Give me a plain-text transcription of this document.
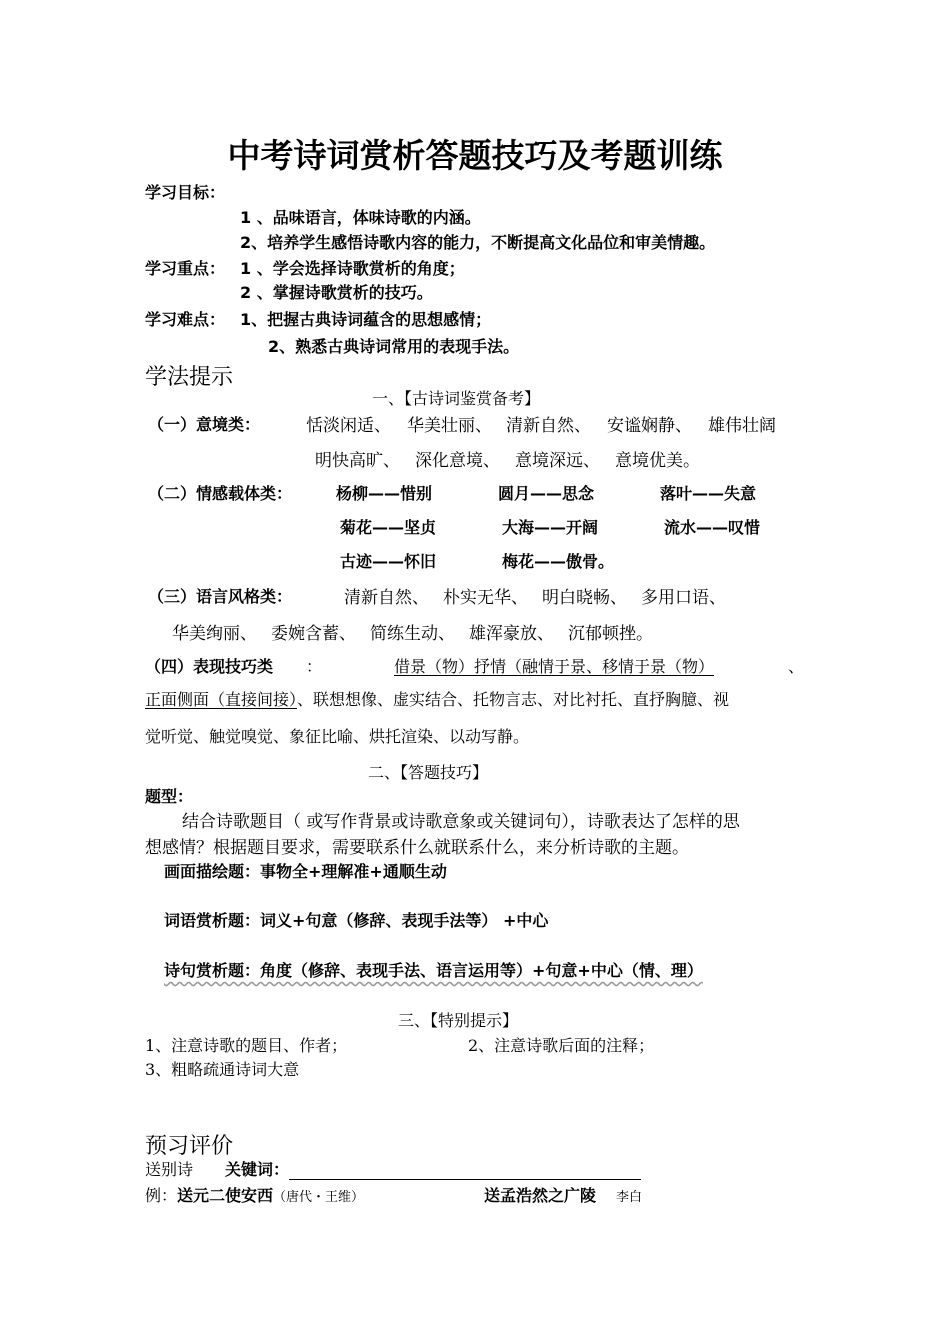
中考诗词赏析答题技巧及考题训练
学习目标：
1 、品味语言，体味诗歌的内涵。
2、培养学生感悟诗歌内容的能力，不断提高文化品位和审美情趣。
学习重点： 1 、学会选择诗歌赏析的角度；
2 、掌握诗歌赏析的技巧。
学习难点： 1、把握古典诗词蕴含的思想感情；
2、熟悉古典诗词常用的表现手法。
学法提示
一、【古诗词鉴赏备考】
（一）意境类：	恬淡闲适、 华美壮丽、 清新自然、 安谧娴静、 雄伟壮阔
明快高旷、 深化意境、 意境深远、 意境优美。
（二）情感载体类：	杨柳——惜别	圆月——思念	落叶——失意
菊花——坚贞	大海——开阔	流水——叹惜
古迹——怀旧	梅花——傲骨。
（三）语言风格类：	清新自然、 朴实无华、 明白晓畅、 多用口语、
华美绚丽、 委婉含蓄、 简练生动、 雄浑豪放、 沉郁顿挫。
（四）表现技巧类 ：	借景（物）抒情（融情于景、移情于景（物）	、
正面侧面（直接间接）、联想想像、虚实结合、托物言志、对比衬托、直抒胸臆、视
觉听觉、触觉嗅觉、象征比喻、烘托渲染、以动写静。
二、【答题技巧】
题型：
结合诗歌题目（ 或写作背景或诗歌意象或关键词句），诗歌表达了怎样的思
想感情？根据题目要求，需要联系什么就联系什么，来分析诗歌的主题。
画面描绘题：事物全+理解准+通顺生动
词语赏析题：词义+句意（修辞、表现手法等） +中心
诗句赏析题：角度（修辞、表现手法、语言运用等）+句意+中心（情、理）
三、【特别提示】
1、注意诗歌的题目、作者；	2、注意诗歌后面的注释；
3、粗略疏通诗词大意
预习评价
送别诗 关键词：
例：送元二使安西（唐代・王维）	送孟浩然之广陵 李白
